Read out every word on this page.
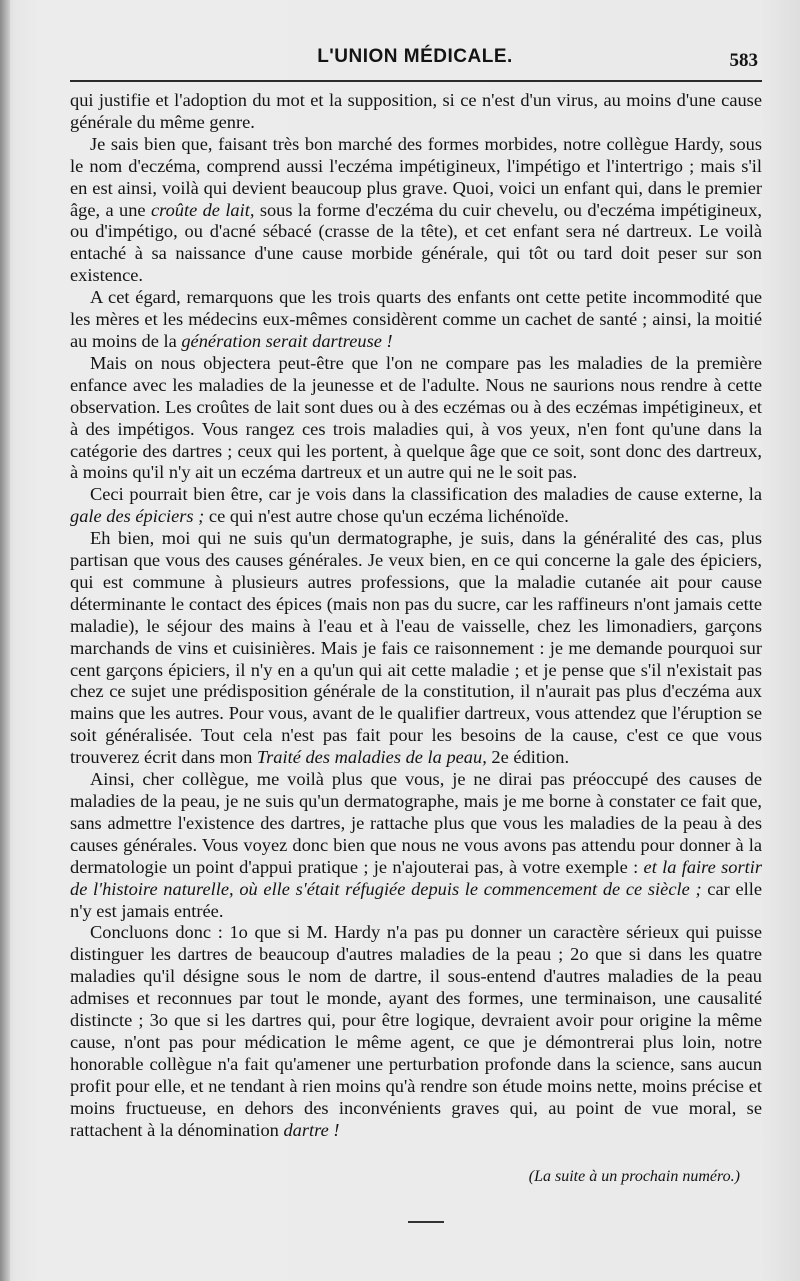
L'UNION MÉDICALE.	583

qui justifie et l'adoption du mot et la supposition, si ce n'est d'un virus, au moins d'une cause générale du même genre.

Je sais bien que, faisant très bon marché des formes morbides, notre collègue Hardy, sous le nom d'eczéma, comprend aussi l'eczéma impétigineux, l'impétigo et l'intertrigo ; mais s'il en est ainsi, voilà qui devient beaucoup plus grave. Quoi, voici un enfant qui, dans le premier âge, a une croûte de lait, sous la forme d'eczéma du cuir chevelu, ou d'eczéma impétigineux, ou d'impétigo, ou d'acné sébacé (crasse de la tête), et cet enfant sera né dartreux. Le voilà entaché à sa naissance d'une cause morbide générale, qui tôt ou tard doit peser sur son existence.

A cet égard, remarquons que les trois quarts des enfants ont cette petite incommodité que les mères et les médecins eux-mêmes considèrent comme un cachet de santé ; ainsi, la moitié au moins de la génération serait dartreuse !

Mais on nous objectera peut-être que l'on ne compare pas les maladies de la première enfance avec les maladies de la jeunesse et de l'adulte. Nous ne saurions nous rendre à cette observation. Les croûtes de lait sont dues ou à des eczémas ou à des eczémas impétigineux, et à des impétigos. Vous rangez ces trois maladies qui, à vos yeux, n'en font qu'une dans la catégorie des dartres ; ceux qui les portent, à quelque âge que ce soit, sont donc des dartreux, à moins qu'il n'y ait un eczéma dartreux et un autre qui ne le soit pas.

Ceci pourrait bien être, car je vois dans la classification des maladies de cause externe, la gale des épiciers ; ce qui n'est autre chose qu'un eczéma lichénoïde.

Eh bien, moi qui ne suis qu'un dermatographe, je suis, dans la généralité des cas, plus partisan que vous des causes générales. Je veux bien, en ce qui concerne la gale des épiciers, qui est commune à plusieurs autres professions, que la maladie cutanée ait pour cause déterminante le contact des épices (mais non pas du sucre, car les raffineurs n'ont jamais cette maladie), le séjour des mains à l'eau et à l'eau de vaisselle, chez les limonadiers, garçons marchands de vins et cuisinières. Mais je fais ce raisonnement : je me demande pourquoi sur cent garçons épiciers, il n'y en a qu'un qui ait cette maladie ; et je pense que s'il n'existait pas chez ce sujet une prédisposition générale de la constitution, il n'aurait pas plus d'eczéma aux mains que les autres. Pour vous, avant de le qualifier dartreux, vous attendez que l'éruption se soit généralisée. Tout cela n'est pas fait pour les besoins de la cause, c'est ce que vous trouverez écrit dans mon Traité des maladies de la peau, 2e édition.

Ainsi, cher collègue, me voilà plus que vous, je ne dirai pas préoccupé des causes de maladies de la peau, je ne suis qu'un dermatographe, mais je me borne à constater ce fait que, sans admettre l'existence des dartres, je rattache plus que vous les maladies de la peau à des causes générales. Vous voyez donc bien que nous ne vous avons pas attendu pour donner à la dermatologie un point d'appui pratique ; je n'ajouterai pas, à votre exemple : et la faire sortir de l'histoire naturelle, où elle s'était réfugiée depuis le commencement de ce siècle ; car elle n'y est jamais entrée.

Concluons donc : 1o que si M. Hardy n'a pas pu donner un caractère sérieux qui puisse distinguer les dartres de beaucoup d'autres maladies de la peau ; 2o que si dans les quatre maladies qu'il désigne sous le nom de dartre, il sous-entend d'autres maladies de la peau admises et reconnues par tout le monde, ayant des formes, une terminaison, une causalité distincte ; 3o que si les dartres qui, pour être logique, devraient avoir pour origine la même cause, n'ont pas pour médication le même agent, ce que je démontrerai plus loin, notre honorable collègue n'a fait qu'amener une perturbation profonde dans la science, sans aucun profit pour elle, et ne tendant à rien moins qu'à rendre son étude moins nette, moins précise et moins fructueuse, en dehors des inconvénients graves qui, au point de vue moral, se rattachent à la dénomination dartre !

(La suite à un prochain numéro.)
